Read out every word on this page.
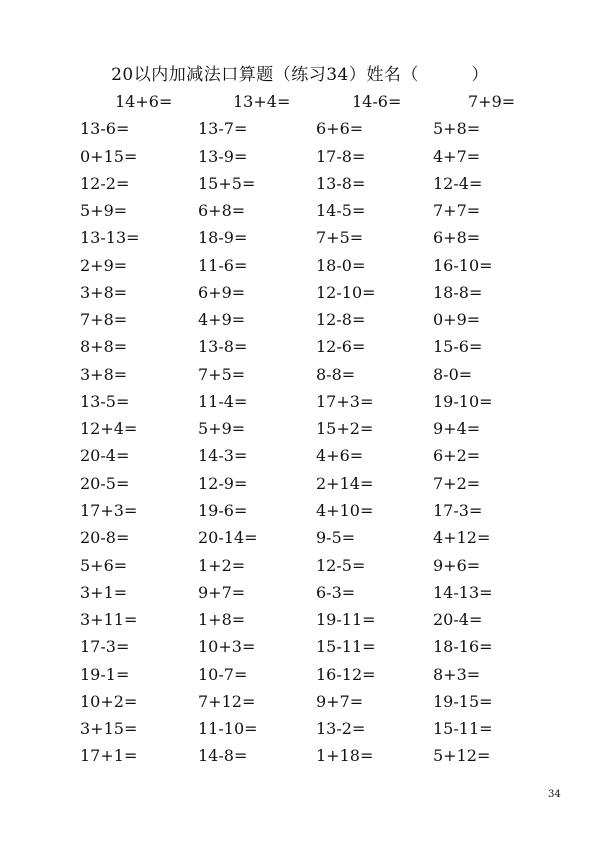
20以内加减法口算题（练习34）姓名（　　　）
14+6=	13+4=	14-6=	7+9=
13-6=	13-7=	6+6=	5+8=
0+15=	13-9=	17-8=	4+7=
12-2=	15+5=	13-8=	12-4=
5+9=	6+8=	14-5=	7+7=
13-13=	18-9=	7+5=	6+8=
2+9=	11-6=	18-0=	16-10=
3+8=	6+9=	12-10=	18-8=
7+8=	4+9=	12-8=	0+9=
8+8=	13-8=	12-6=	15-6=
3+8=	7+5=	8-8=	8-0=
13-5=	11-4=	17+3=	19-10=
12+4=	5+9=	15+2=	9+4=
20-4=	14-3=	4+6=	6+2=
20-5=	12-9=	2+14=	7+2=
17+3=	19-6=	4+10=	17-3=
20-8=	20-14=	9-5=	4+12=
5+6=	1+2=	12-5=	9+6=
3+1=	9+7=	6-3=	14-13=
3+11=	1+8=	19-11=	20-4=
17-3=	10+3=	15-11=	18-16=
19-1=	10-7=	16-12=	8+3=
10+2=	7+12=	9+7=	19-15=
3+15=	11-10=	13-2=	15-11=
17+1=	14-8=	1+18=	5+12=
34
